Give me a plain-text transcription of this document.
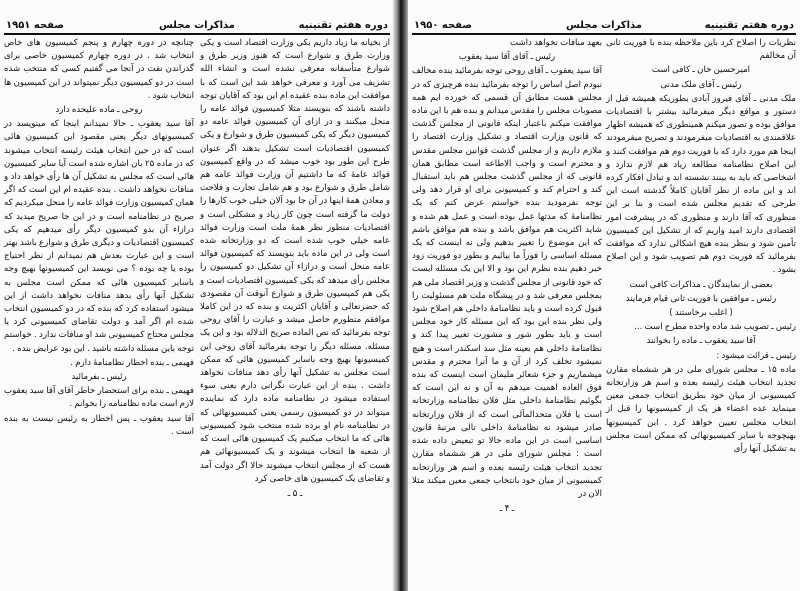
دوره هفتم تقنینیه
مذاکرات مجلس
صفحه ۱۹۵۱

از بخیانه ما زیاد داریم یکی وزارت اقتصاد است و یکی وزارت طرق و شوارع است که هنوز وزیر طرق و شوارع متأسفانه معرفی نشده است و انشاء الله تشریف می آورد و معرفی خواهد شد این است که با موافقت این ماده بنده عقیده ام این بود که آقایان توجه داشته باشند که بنویسند مثلا کمیسیون فوائد عامه را منحل میکنند و در ازای آن کمیسیون فوائد عامه دو کمیسیون دیگر که یکی کمیسیون طرق و شوارع و یکی کمیسیون اقتصادیات است تشکیل بدهند اگر عنوان طرح این طور بود خوب میشد که در واقع کمیسیون فوائد عامهٔ که ما داشتیم آن وزارت فوائد عامه هم شامل طرق و شوارع بود و هم شامل تجارت و فلاحت و معادن همهٔ اینها در آن جا بود آلان خیلی خوب کارها را دولت ما گرفته است چون کار زیاد و مشکلی است و اقتصادیات منظور نظر همهٔ ملت است وزارت فوائد عامه خیلی خوب شده است که دو وزارتخانه شده است ولی در این ماده باید بنویسند که کمیسیون فوائد عامه منحل است و درازاء آن تشکیل دو کمیسیون را مجلس رأی میدهد که یکی کمیسیون اقتصادیات است و یکی هم کمیسیون طرق و شوارع آنوقت آن مقصودی که حضرتعالی و آقایان اکثریت و بنده که در این کاملا موافقم منظورم حاصل میشد و عبارت را آقای روحی توجه بفرمائید که نص الماده صریح الدلاله بود و این یک مسئله. مسئله دیگر را توجه بفرمائید آقای روحی این کمیسیونها بهیچ وجه باسایر کمیسیون هائی که ممکن است مجلس به تشکیل آنها رأی دهد منافات نخواهد داشت . بنده از این عبارت نگرانی دارم یعنی سوء استفاده میشود در نظامنامه ماده دارد که نماینده میتواند در دو کمیسیون رسمی یعنی کمیسیونهائی که در نظامنامه نام او برده شده منتخب شود کمیسیونی هائی که ما انتخاب میکنیم یک کمیسیون هائی است که از شعبه ها انتخاب میشوند و یک کمیسیونهائی هم هست که از مجلس انتخاب میشوند حالا اگر دولت آمد و تقاضای یک کمیسیون های خاصی کرد

ـ ۵ ـ

چنانچه در دوره چهارم و پنجم کمیسیون های خاص انتخاب شد . در دوره چهارم کمیسیون خاصی برای گذراندن نفت در آنجا می گفتیم کسی که منتخب شده است در دو کمیسیون دیگر نمیتواند در این کمیسیون ها انتخاب شود .

روحی ـ ماده علیحده دارد

آقا سید یعقوب ـ حالا نمیدانم اینجا که مینویسد در کمیسیونهای دیگر یعنی مقصود این کمیسیون هائی است که در حین انتخاب هیئت رئیسه انتخاب میشوند که در ماده ۲۵ بان اشاره شده است آیا سایر کمیسیون هائی است که مجلس به تشکیل آن ها رأی خواهد داد و منافات نخواهد داشت . بنده عقیده ام این است که اگر همان کمیسیون وزارت فوائد عامه را منحل میکردیم که صریح در نظامنامه است و در این جا صریح میدید که درازاء آن بدو کمیسیون دیگر رأی میدهیم که یکی کمیسیون اقتصادیات و دیگری طرق و شوارع باشد بهتر است و این عبارت بعدش هم نمیدانم از نظر احتیاج بوده یا چه بوده ؟ می نویسد این کمیسیونها بهیچ وجه باسایر کمیسیون هائی که ممکن است مجلس به تشکیل آنها رأی بدهد منافات نخواهد داشت از این میشود استفاده کرد که بنده که در دو کمیسیون انتخاب شده ام اگر آمد و دولت تقاضای کمیسیونی کرد یا مجلس محتاج کمیسیونی شد او منافات ندارد . خواستم توجه باین مسئله داشته باشید . این بود عرایض بنده .

فهیمی ـ بنده اخطار نظامنامهٔ دارم .

رئیس ـ بفرمائید

فهیمی ـ بنده برای استحضار خاطر آقای آقا سید یعقوب لازم است ماده نظامنامه را بخوانم .

آقا سید یعقوب ـ پس اخطار به رئیس نیست به بنده است .

دوره هفتم تقنینیه
مذاکرات مجلس
صفحه ۱۹۵۰

نظریات را اصلاح کرد باین ملاحظه بنده با فوریت ثانی آن مخالفم

امیرحسین خان ـ کافی است

رئیس ـ آقای ملک مدنی

ملک مدنی ـ آقای فیروز آبادی بطوریکه همیشه قبل از دستور و مواقع دیگر میفرمائید بیشتر با اقتصادیات موافق بوده و تصور میکنم همینطوری که همیشه اظهار علاقمندی به اقتصادیات میفرمودند و تصریح میفرمودند اینجا هم مورد دارد که با فوریت دوم هم موافقت کنند و این اصلاح نظامنامه مطالعه زیاد هم لازم ندارد و اشخاصی که باید به بینند نشسته اند و تبادل افکار کرده اند و این ماده از نظر آقایان کاملاً گذشته است این طرحی که تقدیم مجلس شده است و بنا بر این منظوری که آقا دارند و منظوری که در پیشرفت امور اقتصادی دارند امید واریم که از تشکیل این کمیسیون تأمین شود و بنظر بنده هیچ اشکالی ندارد که موافقت بفرمائید که فوریت دوم هم تصویب شود و این اصلاح بشود .

بعضی از نمایندگان ـ مذاکرات کافی است

رئیس ـ موافقین با فوریت ثانی قیام فرمایند

( اغلب برخاستند )

رئیس ـ تصویب شد ماده واحده مطرح است ...

آقا سید یعقوب ـ ماده را بخوانند

رئیس ـ قرائت میشود :

ماده ۱۵ ـ مجلس شورای ملی در هر ششماه مقارن تجدید انتخاب هیئت رئیسه بعده و اسم هر وزارتخانه کمیسیونی از میان خود بطریق انتخاب جمعی معین مینماید عده اعضاء هر یک از کمیسیونها را قبل از انتخاب مجلس تعیین خواهد کرد . این کمیسیونها بهیچوجه با سایر کمیسیونهائی که ممکن است مجلس به تشکیل آنها رأی

بعهد منافات نخواهد داشت

رئیس ـ آقای آقا سید یعقوب

آقا سید یعقوب ـ آقای روحی توجه بفرمائید بنده مخالف نبودم اصل اساس را توجه بفرمائید بنده هرچیزی که در مجلس هست مطابق آن قسمی که خورده ایم همه مصوبات مجلس را مقدس میدانم و بنده هم با این ماده موافقت میکنم باعتبار اینکه قانونی از مجلس گذشت که قانون وزارت اقتصاد و تشکیل وزارت اقتصاد را ملازم داریم و از مجلس گذشت قوانین مجلس مقدس و محترم است و واجب الاطاعه است مطابق همان قانونی که از مجلس گذشت مجلس هم باید استقبال کند و احترام کند و کمیسیونی برای او قرار دهد ولی توجه نفرمودید بنده خواستم عرض کنم که یک نظامنامهٔ که مدتها عمل بوده است و عمل هم شده و شاید اکثریت هم موافق باشد و بنده هم موافق باشم که این موضوع را تغییر بدهیم ولی نه اینست که یک مسئله اساسی را فوراً ما بیائیم و بطور دو فوریت زود خبر دهیم بنده نظرم این بود و الا این یک مسئله ایست که خود قانونی از مجلس گذشت و وزیر اقتصاد ملی هم بمجلس معرفی شد و در پیشگاه ملت هم مسئولیت را قبول کرده است و باید نظامنامهٔ داخلی هم اصلاح شود ولی نظر بنده این بود که این مسئله کار خود مجلس است و باید بطور شور و مشورت تغییر پیدا کند و نظامنامهٔ داخلی هم بعینه مثل سد اسکندر است و هیچ نمیشود تخلف کرد از آن و ما آنرا محترم و مقدس میشماریم و جزء شعائر ملیمان است اینست که بنده فوق العاده اهمیت میدهم به آن و نه این است که بگوئیم نظامنامهٔ داخلی مثل فلان نظامنامه وزارتخانه است یا فلان متحدالمآلی است که از فلان وزارتخانه صادر میشود نه نظامنامهٔ داخلی تالی مرتبهٔ قانون اساسی است در این ماده حالا تو تبعیض داده شده است : مجلس شورای ملی در هر ششماه مقارن تجدید انتخاب هیئت رئیسه بعده و اسم هر وزارتخانه کمیسیونی از میان خود بانتخاب جمعی معین میکند مثلا الان در

ـ ۴ ـ
